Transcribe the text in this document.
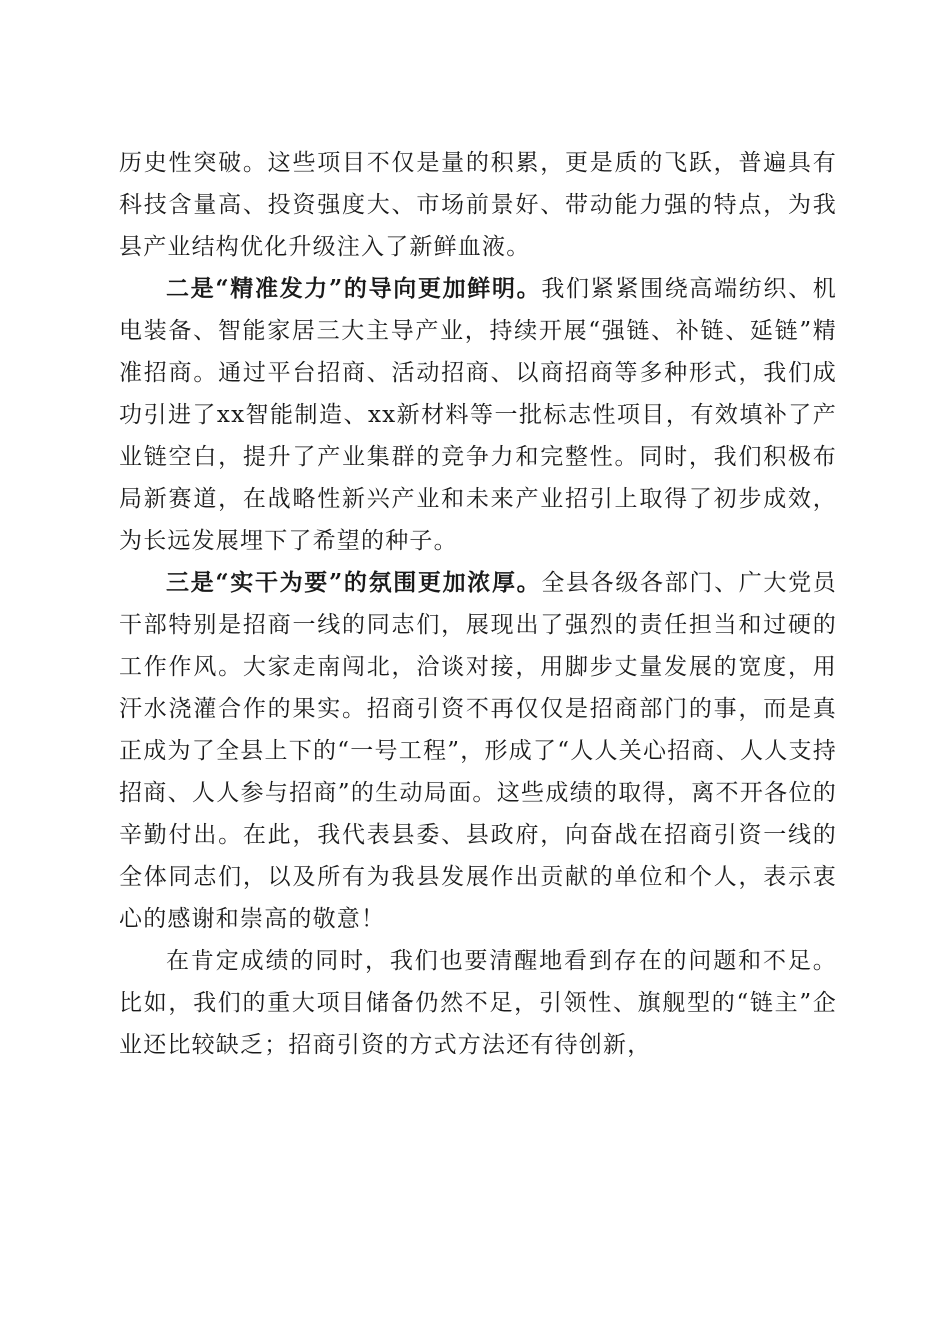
历史性突破。这些项目不仅是量的积累，更是质的飞跃，普遍具有科技含量高、投资强度大、市场前景好、带动能力强的特点，为我县产业结构优化升级注入了新鲜血液。

二是“精准发力”的导向更加鲜明。我们紧紧围绕高端纺织、机电装备、智能家居三大主导产业，持续开展“强链、补链、延链”精准招商。通过平台招商、活动招商、以商招商等多种形式，我们成功引进了xx智能制造、xx新材料等一批标志性项目，有效填补了产业链空白，提升了产业集群的竞争力和完整性。同时，我们积极布局新赛道，在战略性新兴产业和未来产业招引上取得了初步成效，为长远发展埋下了希望的种子。

三是“实干为要”的氛围更加浓厚。全县各级各部门、广大党员干部特别是招商一线的同志们，展现出了强烈的责任担当和过硬的工作作风。大家走南闯北，洽谈对接，用脚步丈量发展的宽度，用汗水浇灌合作的果实。招商引资不再仅仅是招商部门的事，而是真正成为了全县上下的“一号工程”，形成了“人人关心招商、人人支持招商、人人参与招商”的生动局面。这些成绩的取得，离不开各位的辛勤付出。在此，我代表县委、县政府，向奋战在招商引资一线的全体同志们，以及所有为我县发展作出贡献的单位和个人，表示衷心的感谢和崇高的敬意！

在肯定成绩的同时，我们也要清醒地看到存在的问题和不足。比如，我们的重大项目储备仍然不足，引领性、旗舰型的“链主”企业还比较缺乏；招商引资的方式方法还有待创新，
